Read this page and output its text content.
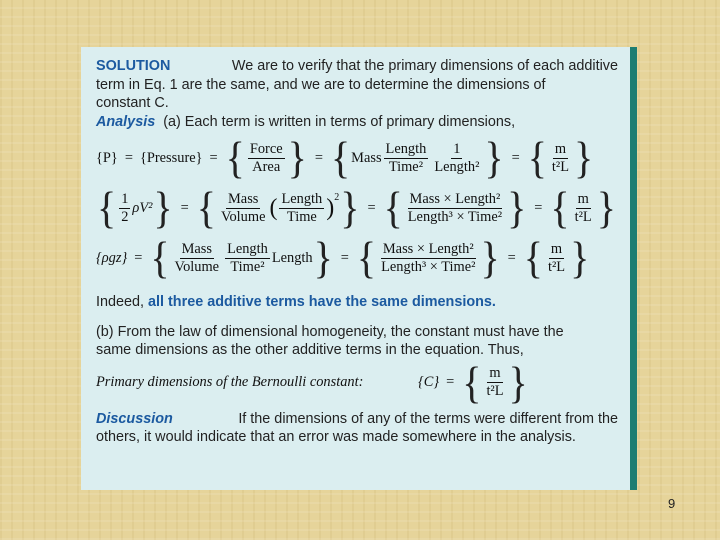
SOLUTION	We are to verify that the primary dimensions of each additive
term in Eq. 1 are the same, and we are to determine the dimensions of
constant C.
Analysis (a) Each term is written in terms of primary dimensions,
{P} = {Pressure} = { $\frac{\text{Force}}{\text{Area}}$ } = { Mass $\frac{\text{Length}}{\text{Time²}} \frac{1}{\text{Length²}}$ } = { $\frac{m}{\text{t²L}}$ }
{ $\frac{1}{2} \rho V^2$ } = { $\frac{\text{Mass}}{\text{Volume}}$ ( $\frac{\text{Length}}{\text{Time}} )^2$ } = { $\frac{\text{Mass × Length²}}{\text{Length³ × Time²}}$ } = { $\frac{m}{\text{t²L}}$ }
{ρgz} = { $\frac{\text{Mass}}{\text{Volume}} \frac{\text{Length}}{\text{Time²}}$ Length } = { $\frac{\text{Mass × Length²}}{\text{Length³ × Time²}}$ } = { $\frac{m}{\text{t²L}}$ }
Indeed, all three additive terms have the same dimensions.
(b) From the law of dimensional homogeneity, the constant must have the
same dimensions as the other additive terms in the equation. Thus,
Primary dimensions of the Bernoulli constant:	{C} = { $\frac{m}{\text{t²L}}$ }
Discussion	If the dimensions of any of the terms were different from the
others, it would indicate that an error was made somewhere in the analysis.
9
